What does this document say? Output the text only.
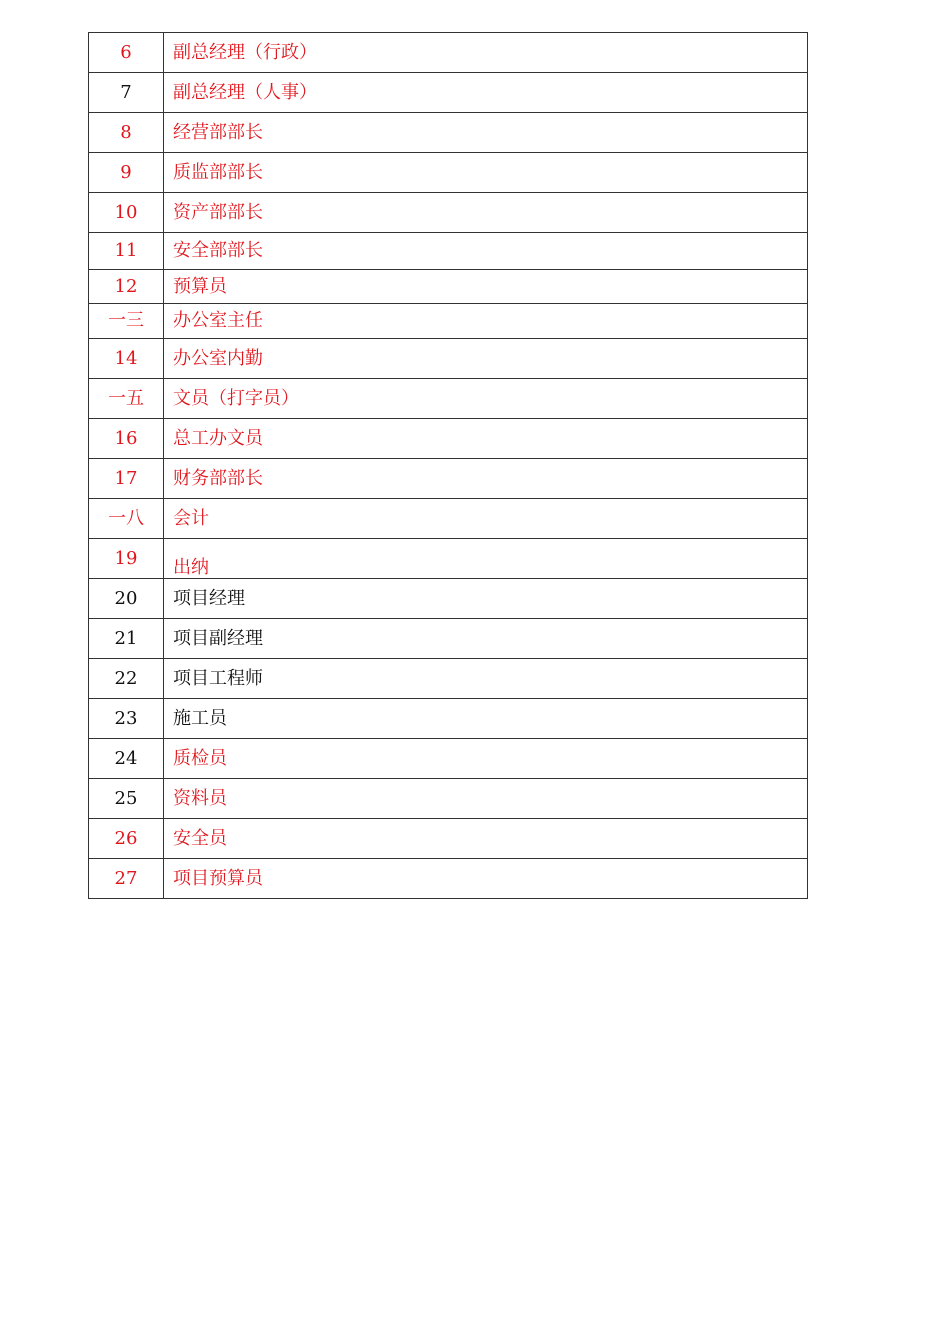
6	副总经理（行政）
7	副总经理（人事）
8	经营部部长
9	质监部部长
10	资产部部长
11	安全部部长
12	预算员
一三	办公室主任
14	办公室内勤
一五	文员（打字员）
16	总工办文员
17	财务部部长
一八	会计
19	出纳
20	项目经理
21	项目副经理
22	项目工程师
23	施工员
24	质检员
25	资料员
26	安全员
27	项目预算员
